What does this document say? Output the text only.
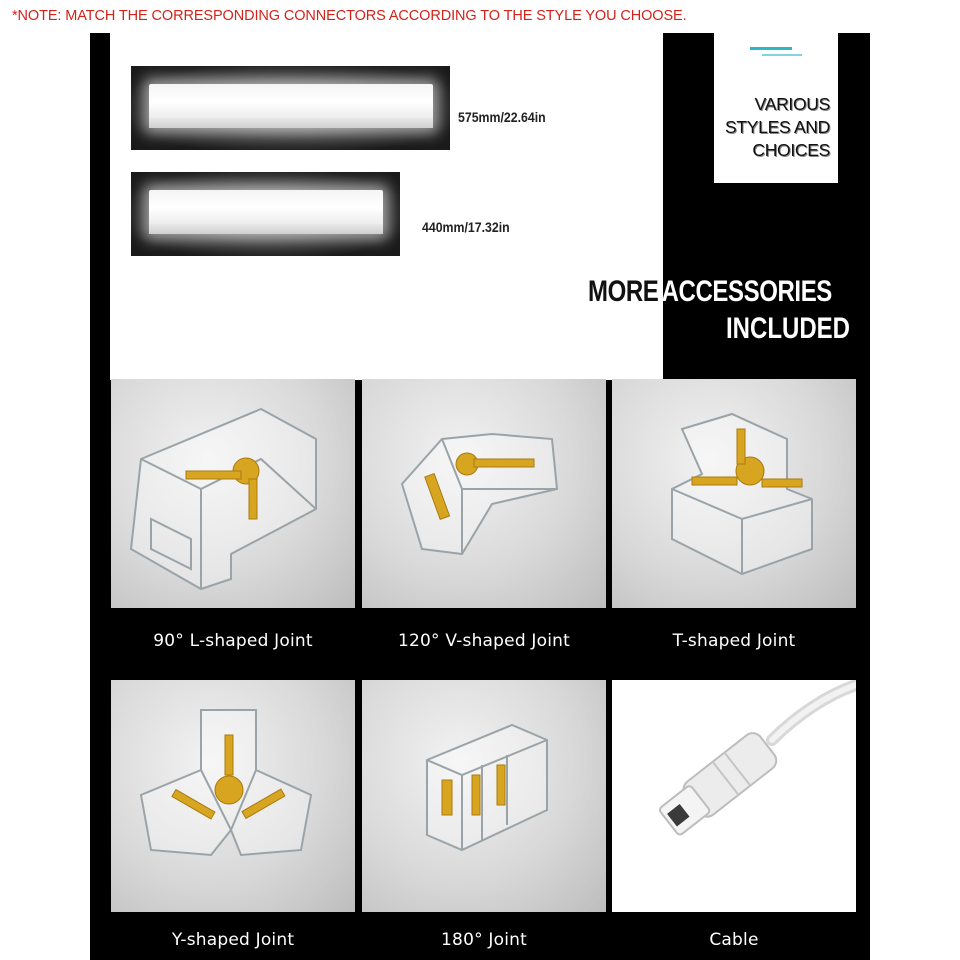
*NOTE: MATCH THE CORRESPONDING CONNECTORS ACCORDING TO THE STYLE YOU CHOOSE.
575mm/22.64in
440mm/17.32in
VARIOUS
STYLES AND
CHOICES
MORE ACCESSORIES
INCLUDED
90° L-shaped Joint	120° V-shaped Joint	T-shaped Joint
Y-shaped Joint	180° Joint	Cable
